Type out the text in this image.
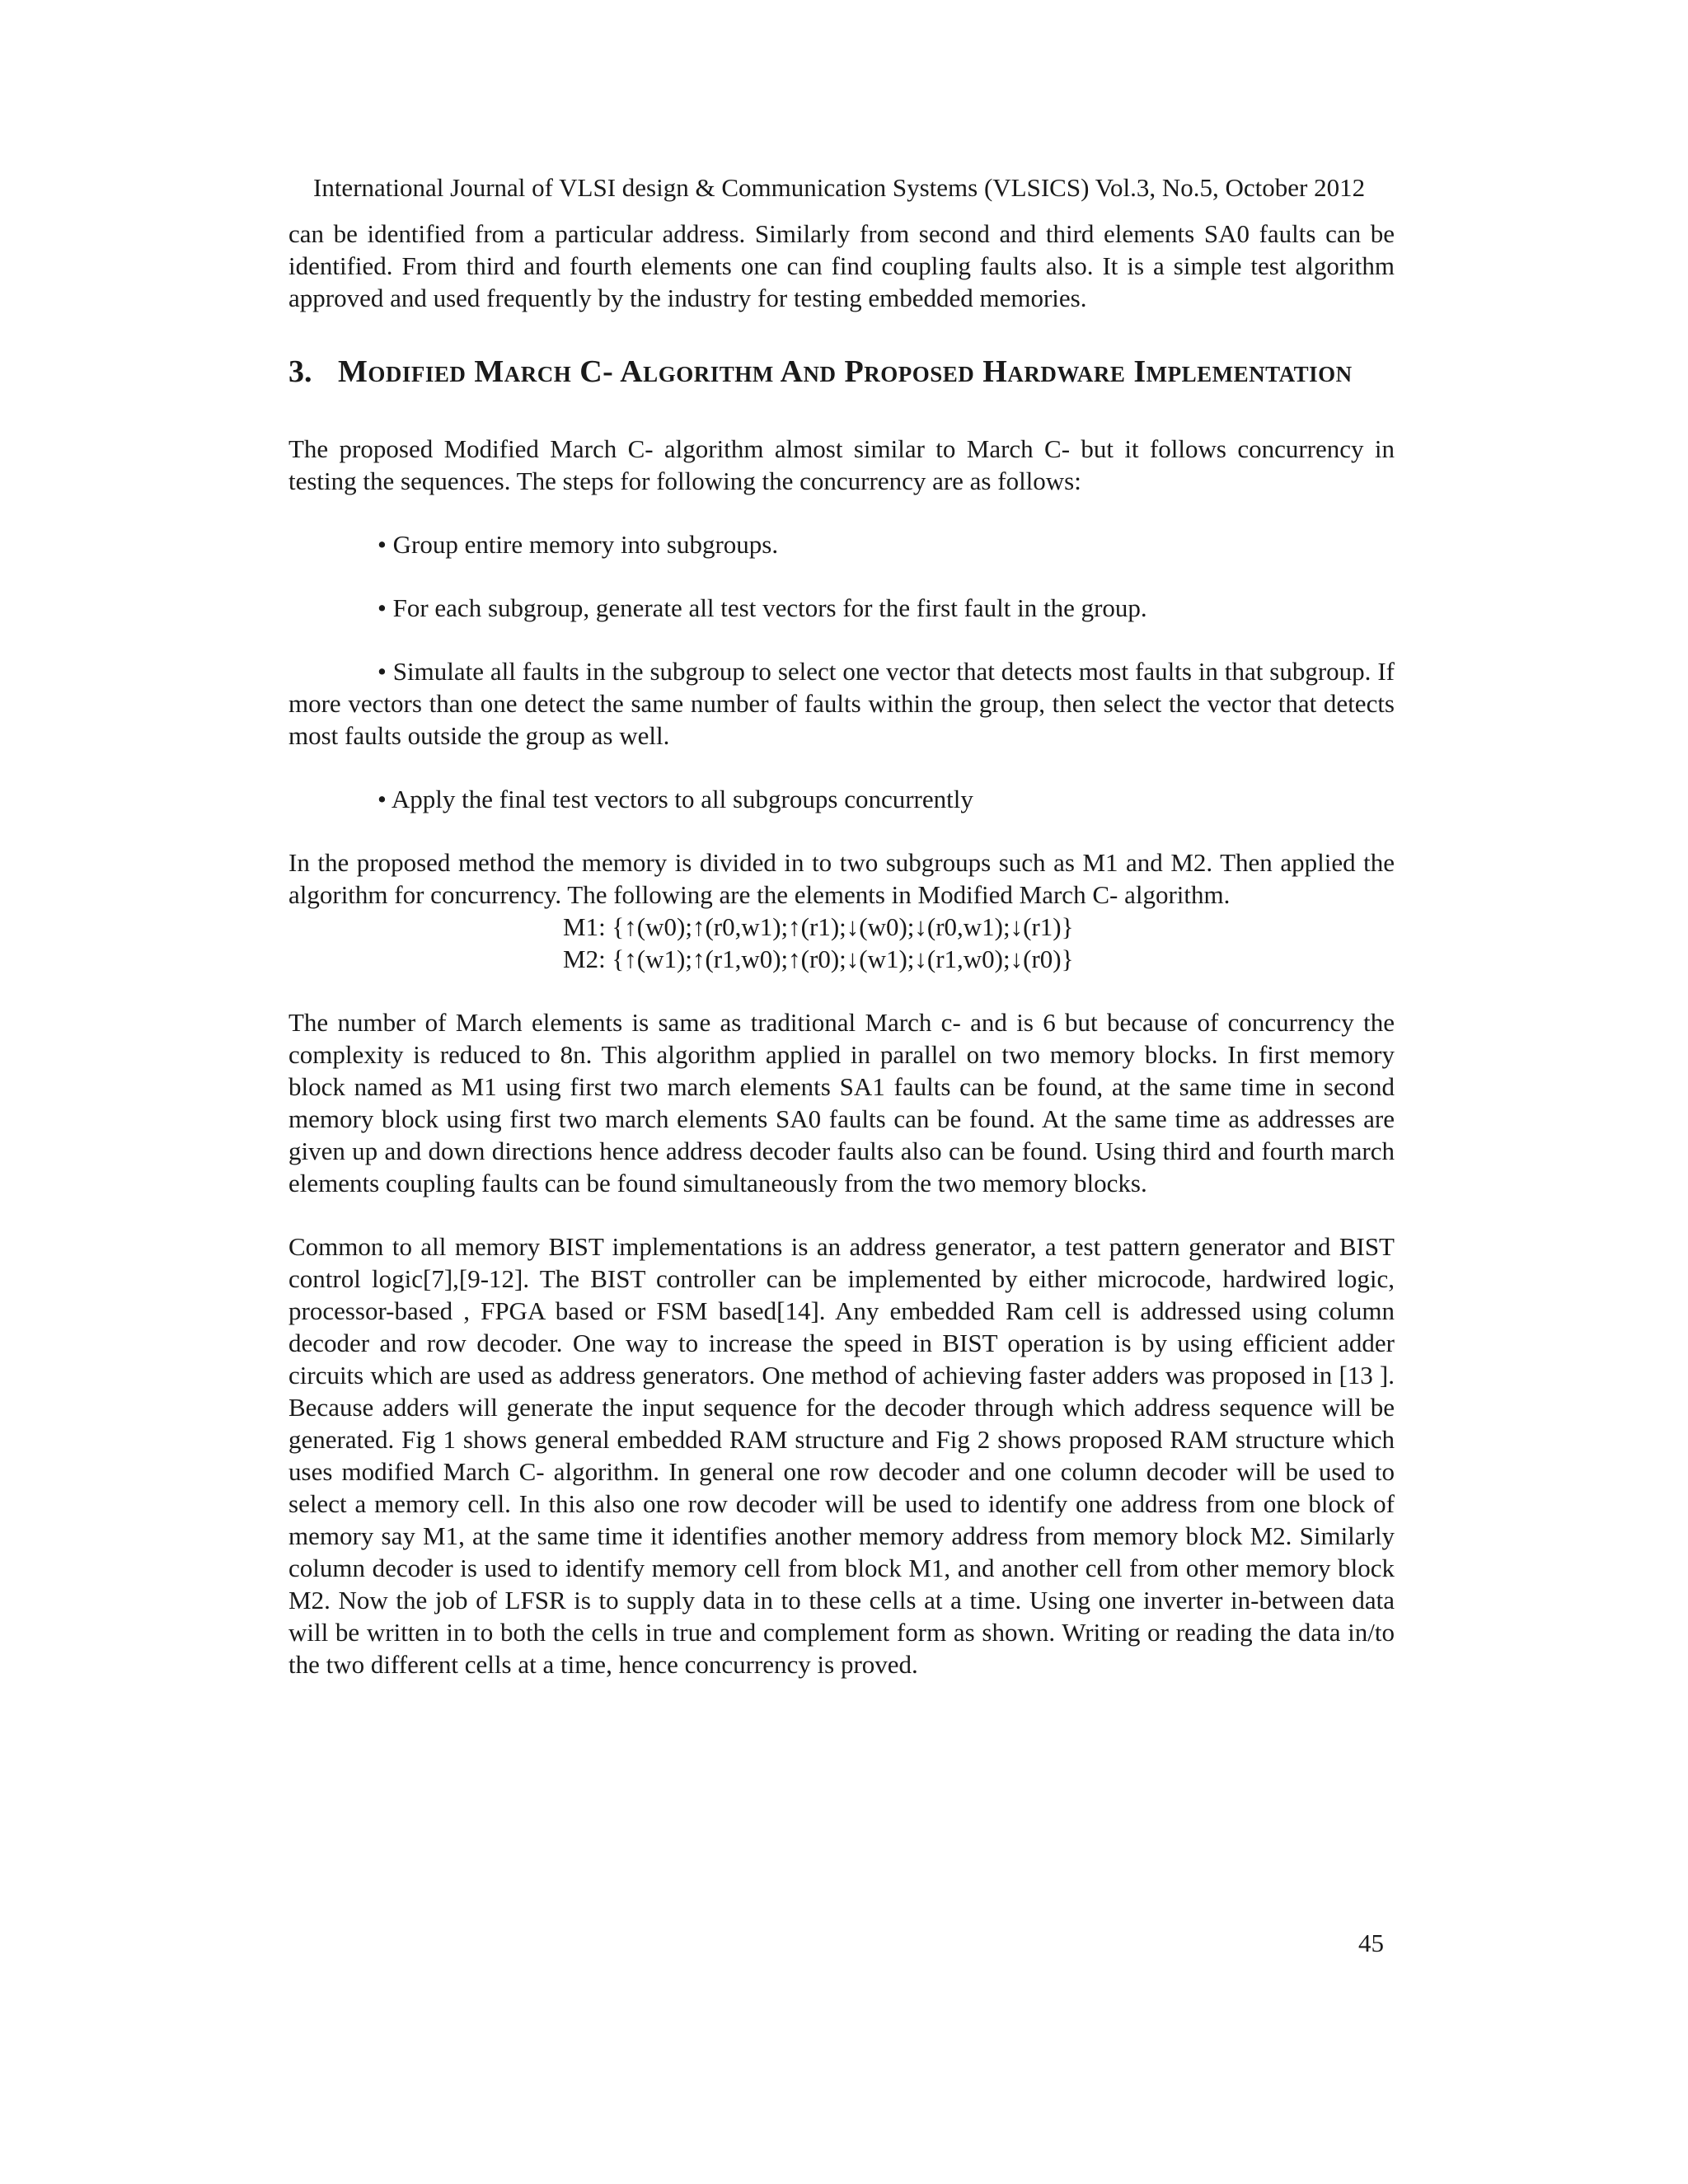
International Journal of VLSI design & Communication Systems (VLSICS) Vol.3, No.5, October 2012

can be identified from a particular address. Similarly from second and third elements SA0 faults can be identified. From third and fourth elements one can find coupling faults also. It is a simple test algorithm approved and used frequently by the industry for testing embedded memories.

3. Modified March C- Algorithm And Proposed Hardware Implementation

The proposed Modified March C- algorithm almost similar to March C- but it follows concurrency in testing the sequences. The steps for following the concurrency are as follows:

• Group entire memory into subgroups.

• For each subgroup, generate all test vectors for the first fault in the group.

• Simulate all faults in the subgroup to select one vector that detects most faults in that subgroup. If more vectors than one detect the same number of faults within the group, then select the vector that detects most faults outside the group as well.

• Apply the final test vectors to all subgroups concurrently

In the proposed method the memory is divided in to two subgroups such as M1 and M2. Then applied the algorithm for concurrency. The following are the elements in Modified March C- algorithm.

M1: {↑(w0);↑(r0,w1);↑(r1);↓(w0);↓(r0,w1);↓(r1)}

M2: {↑(w1);↑(r1,w0);↑(r0);↓(w1);↓(r1,w0);↓(r0)}

The number of March elements is same as traditional March c- and is 6 but because of concurrency the complexity is reduced to 8n. This algorithm applied in parallel on two memory blocks. In first memory block named as M1 using first two march elements SA1 faults can be found, at the same time in second memory block using first two march elements SA0 faults can be found. At the same time as addresses are given up and down directions hence address decoder faults also can be found. Using third and fourth march elements coupling faults can be found simultaneously from the two memory blocks.

Common to all memory BIST implementations is an address generator, a test pattern generator and BIST control logic[7],[9-12]. The BIST controller can be implemented by either microcode, hardwired logic, processor-based , FPGA based or FSM based[14]. Any embedded Ram cell is addressed using column decoder and row decoder. One way to increase the speed in BIST operation is by using efficient adder circuits which are used as address generators. One method of achieving faster adders was proposed in [13 ]. Because adders will generate the input sequence for the decoder through which address sequence will be generated. Fig 1 shows general embedded RAM structure and Fig 2 shows proposed RAM structure which uses modified March C- algorithm. In general one row decoder and one column decoder will be used to select a memory cell. In this also one row decoder will be used to identify one address from one block of memory say M1, at the same time it identifies another memory address from memory block M2. Similarly column decoder is used to identify memory cell from block M1, and another cell from other memory block M2. Now the job of LFSR is to supply data in to these cells at a time. Using one inverter in-between data will be written in to both the cells in true and complement form as shown. Writing or reading the data in/to the two different cells at a time, hence concurrency is proved.

45
